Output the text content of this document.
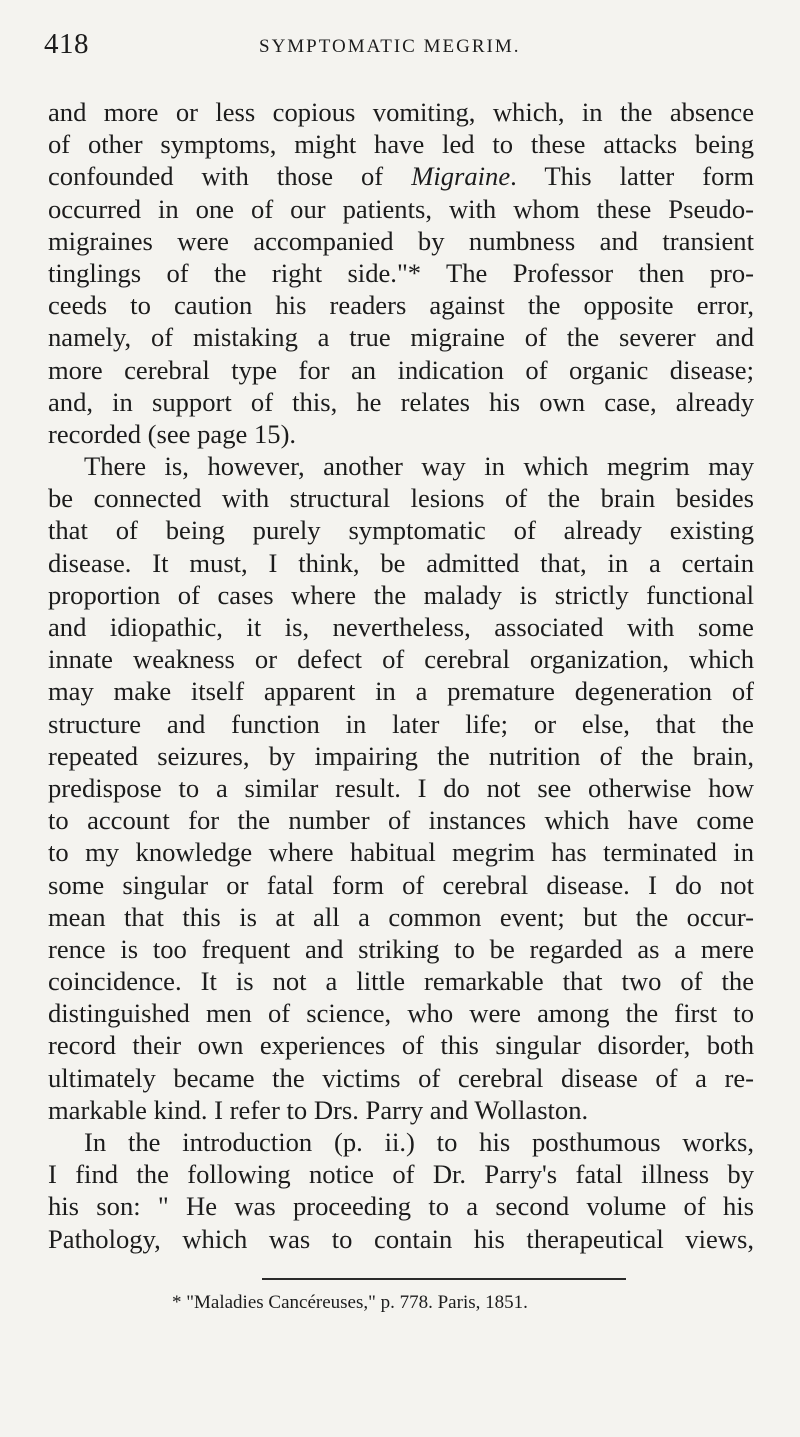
418	SYMPTOMATIC MEGRIM.
and more or less copious vomiting, which, in the absence
of other symptoms, might have led to these attacks being
confounded with those of Migraine. This latter form
occurred in one of our patients, with whom these Pseudo-
migraines were accompanied by numbness and transient
tinglings of the right side."* The Professor then pro-
ceeds to caution his readers against the opposite error,
namely, of mistaking a true migraine of the severer and
more cerebral type for an indication of organic disease;
and, in support of this, he relates his own case, already
recorded (see page 15).
There is, however, another way in which megrim may
be connected with structural lesions of the brain besides
that of being purely symptomatic of already existing
disease. It must, I think, be admitted that, in a certain
proportion of cases where the malady is strictly functional
and idiopathic, it is, nevertheless, associated with some
innate weakness or defect of cerebral organization, which
may make itself apparent in a premature degeneration of
structure and function in later life; or else, that the
repeated seizures, by impairing the nutrition of the brain,
predispose to a similar result. I do not see otherwise how
to account for the number of instances which have come
to my knowledge where habitual megrim has terminated in
some singular or fatal form of cerebral disease. I do not
mean that this is at all a common event; but the occur-
rence is too frequent and striking to be regarded as a mere
coincidence. It is not a little remarkable that two of the
distinguished men of science, who were among the first to
record their own experiences of this singular disorder, both
ultimately became the victims of cerebral disease of a re-
markable kind. I refer to Drs. Parry and Wollaston.
In the introduction (p. ii.) to his posthumous works,
I find the following notice of Dr. Parry's fatal illness by
his son: " He was proceeding to a second volume of his
Pathology, which was to contain his therapeutical views,
* "Maladies Cancéreuses," p. 778. Paris, 1851.
